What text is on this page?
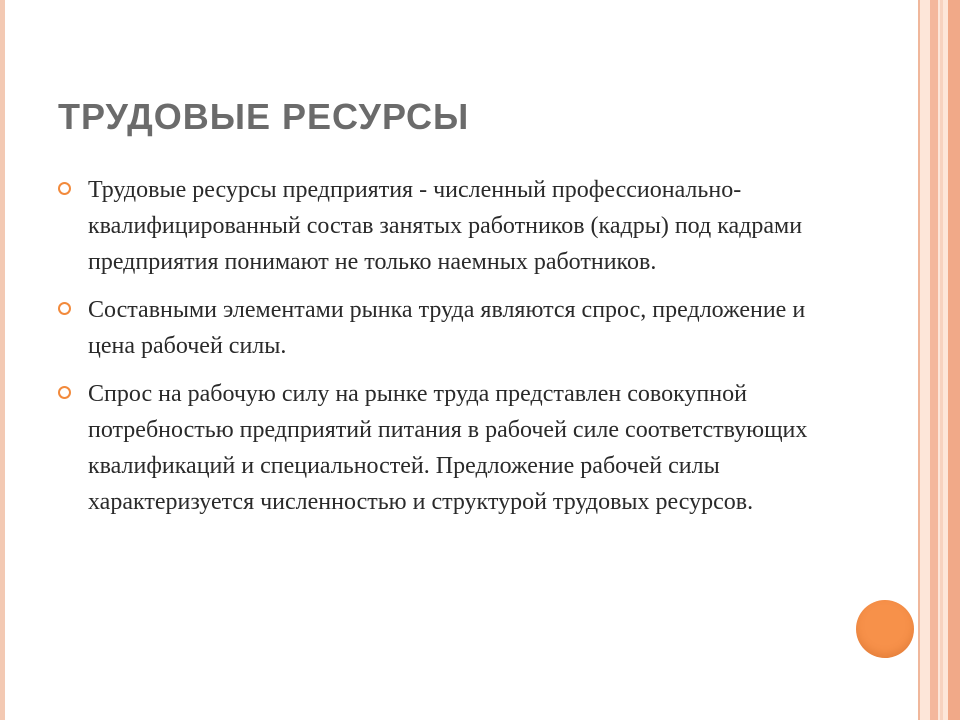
ТРУДОВЫЕ РЕСУРСЫ
Трудовые ресурсы предприятия - численный профессионально-квалифицированный состав занятых работников (кадры) под кадрами предприятия понимают не только наемных работников.
Составными элементами рынка труда являются спрос, предложение и цена рабочей силы.
Спрос на рабочую силу на рынке труда представлен совокупной потребностью предприятий питания в рабочей силе соответствующих квалификаций и специальностей. Предложение рабочей силы характеризуется численностью и структурой трудовых ресурсов.
